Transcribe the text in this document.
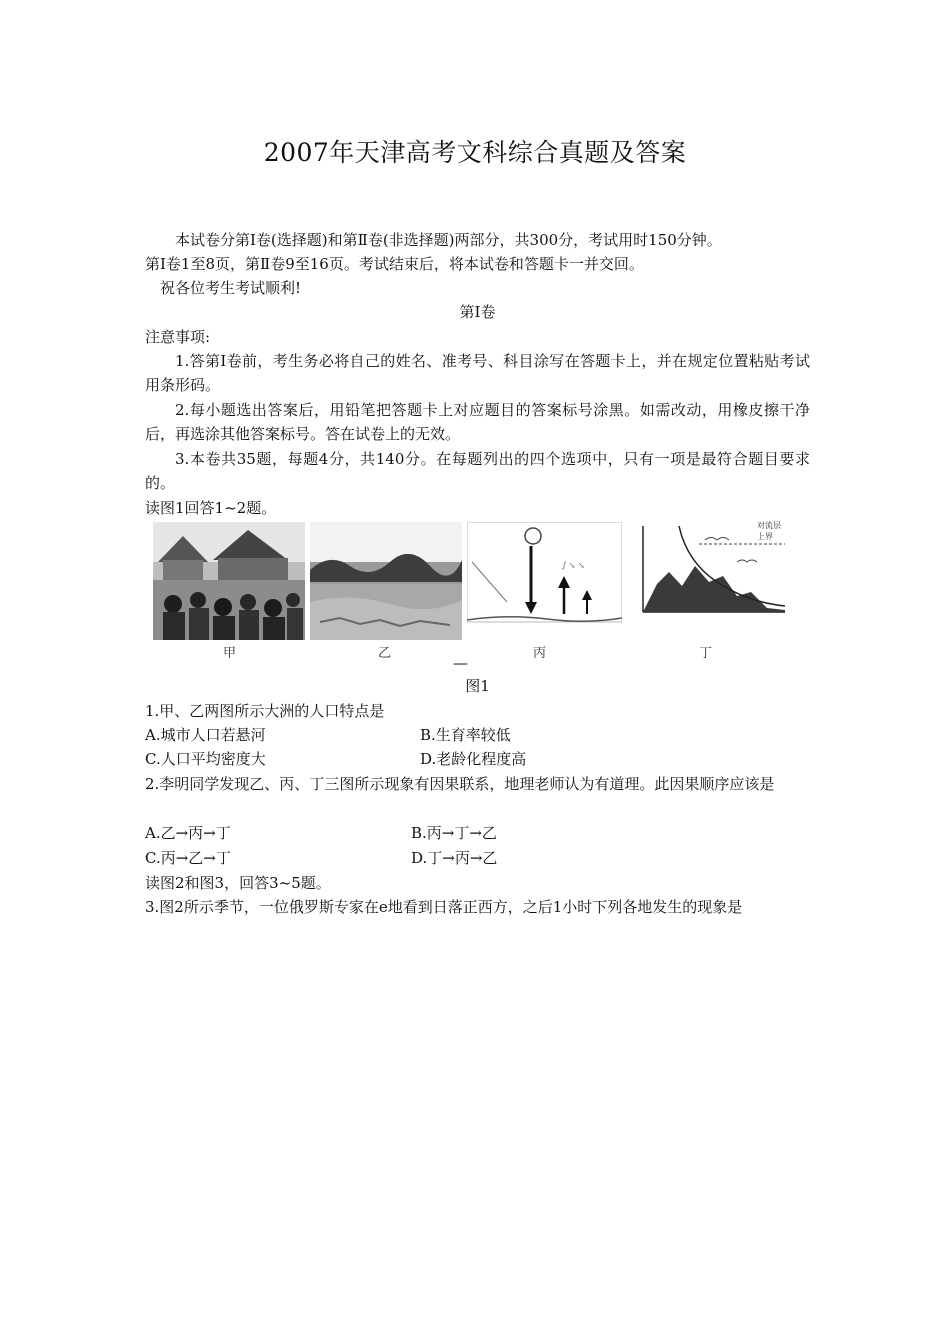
2007年天津高考文科综合真题及答案
本试卷分第Ⅰ卷(选择题)和第Ⅱ卷(非选择题)两部分，共300分，考试用时150分钟。
第Ⅰ卷1至8页，第Ⅱ卷9至16页。考试结束后，将本试卷和答题卡一并交回。
祝各位考生考试顺利!
第Ⅰ卷
注意事项:
1.答第Ⅰ卷前，考生务必将自己的姓名、准考号、科目涂写在答题卡上，并在规定位置粘贴考试用条形码。
2.每小题选出答案后，用铅笔把答题卡上对应题目的答案标号涂黑。如需改动，用橡皮擦干净后，再选涂其他答案标号。答在试卷上的无效。
3.本卷共35题，每题4分，共140分。在每题列出的四个选项中，只有一项是最符合题目要求的。
读图1回答1~2题。
甲	乙
∫ ↘ ↘
丙
对流层上界
丁
—
图1
1.甲、乙两图所示大洲的人口特点是
A.城市人口若悬河	B.生育率较低
C.人口平均密度大	D.老龄化程度高
2.李明同学发现乙、丙、丁三图所示现象有因果联系，地理老师认为有道理。此因果顺序应该是
A.乙→丙→丁	B.丙→丁→乙
C.丙→乙→丁	D.丁→丙→乙
读图2和图3，回答3~5题。
3.图2所示季节，一位俄罗斯专家在e地看到日落正西方，之后1小时下列各地发生的现象是
